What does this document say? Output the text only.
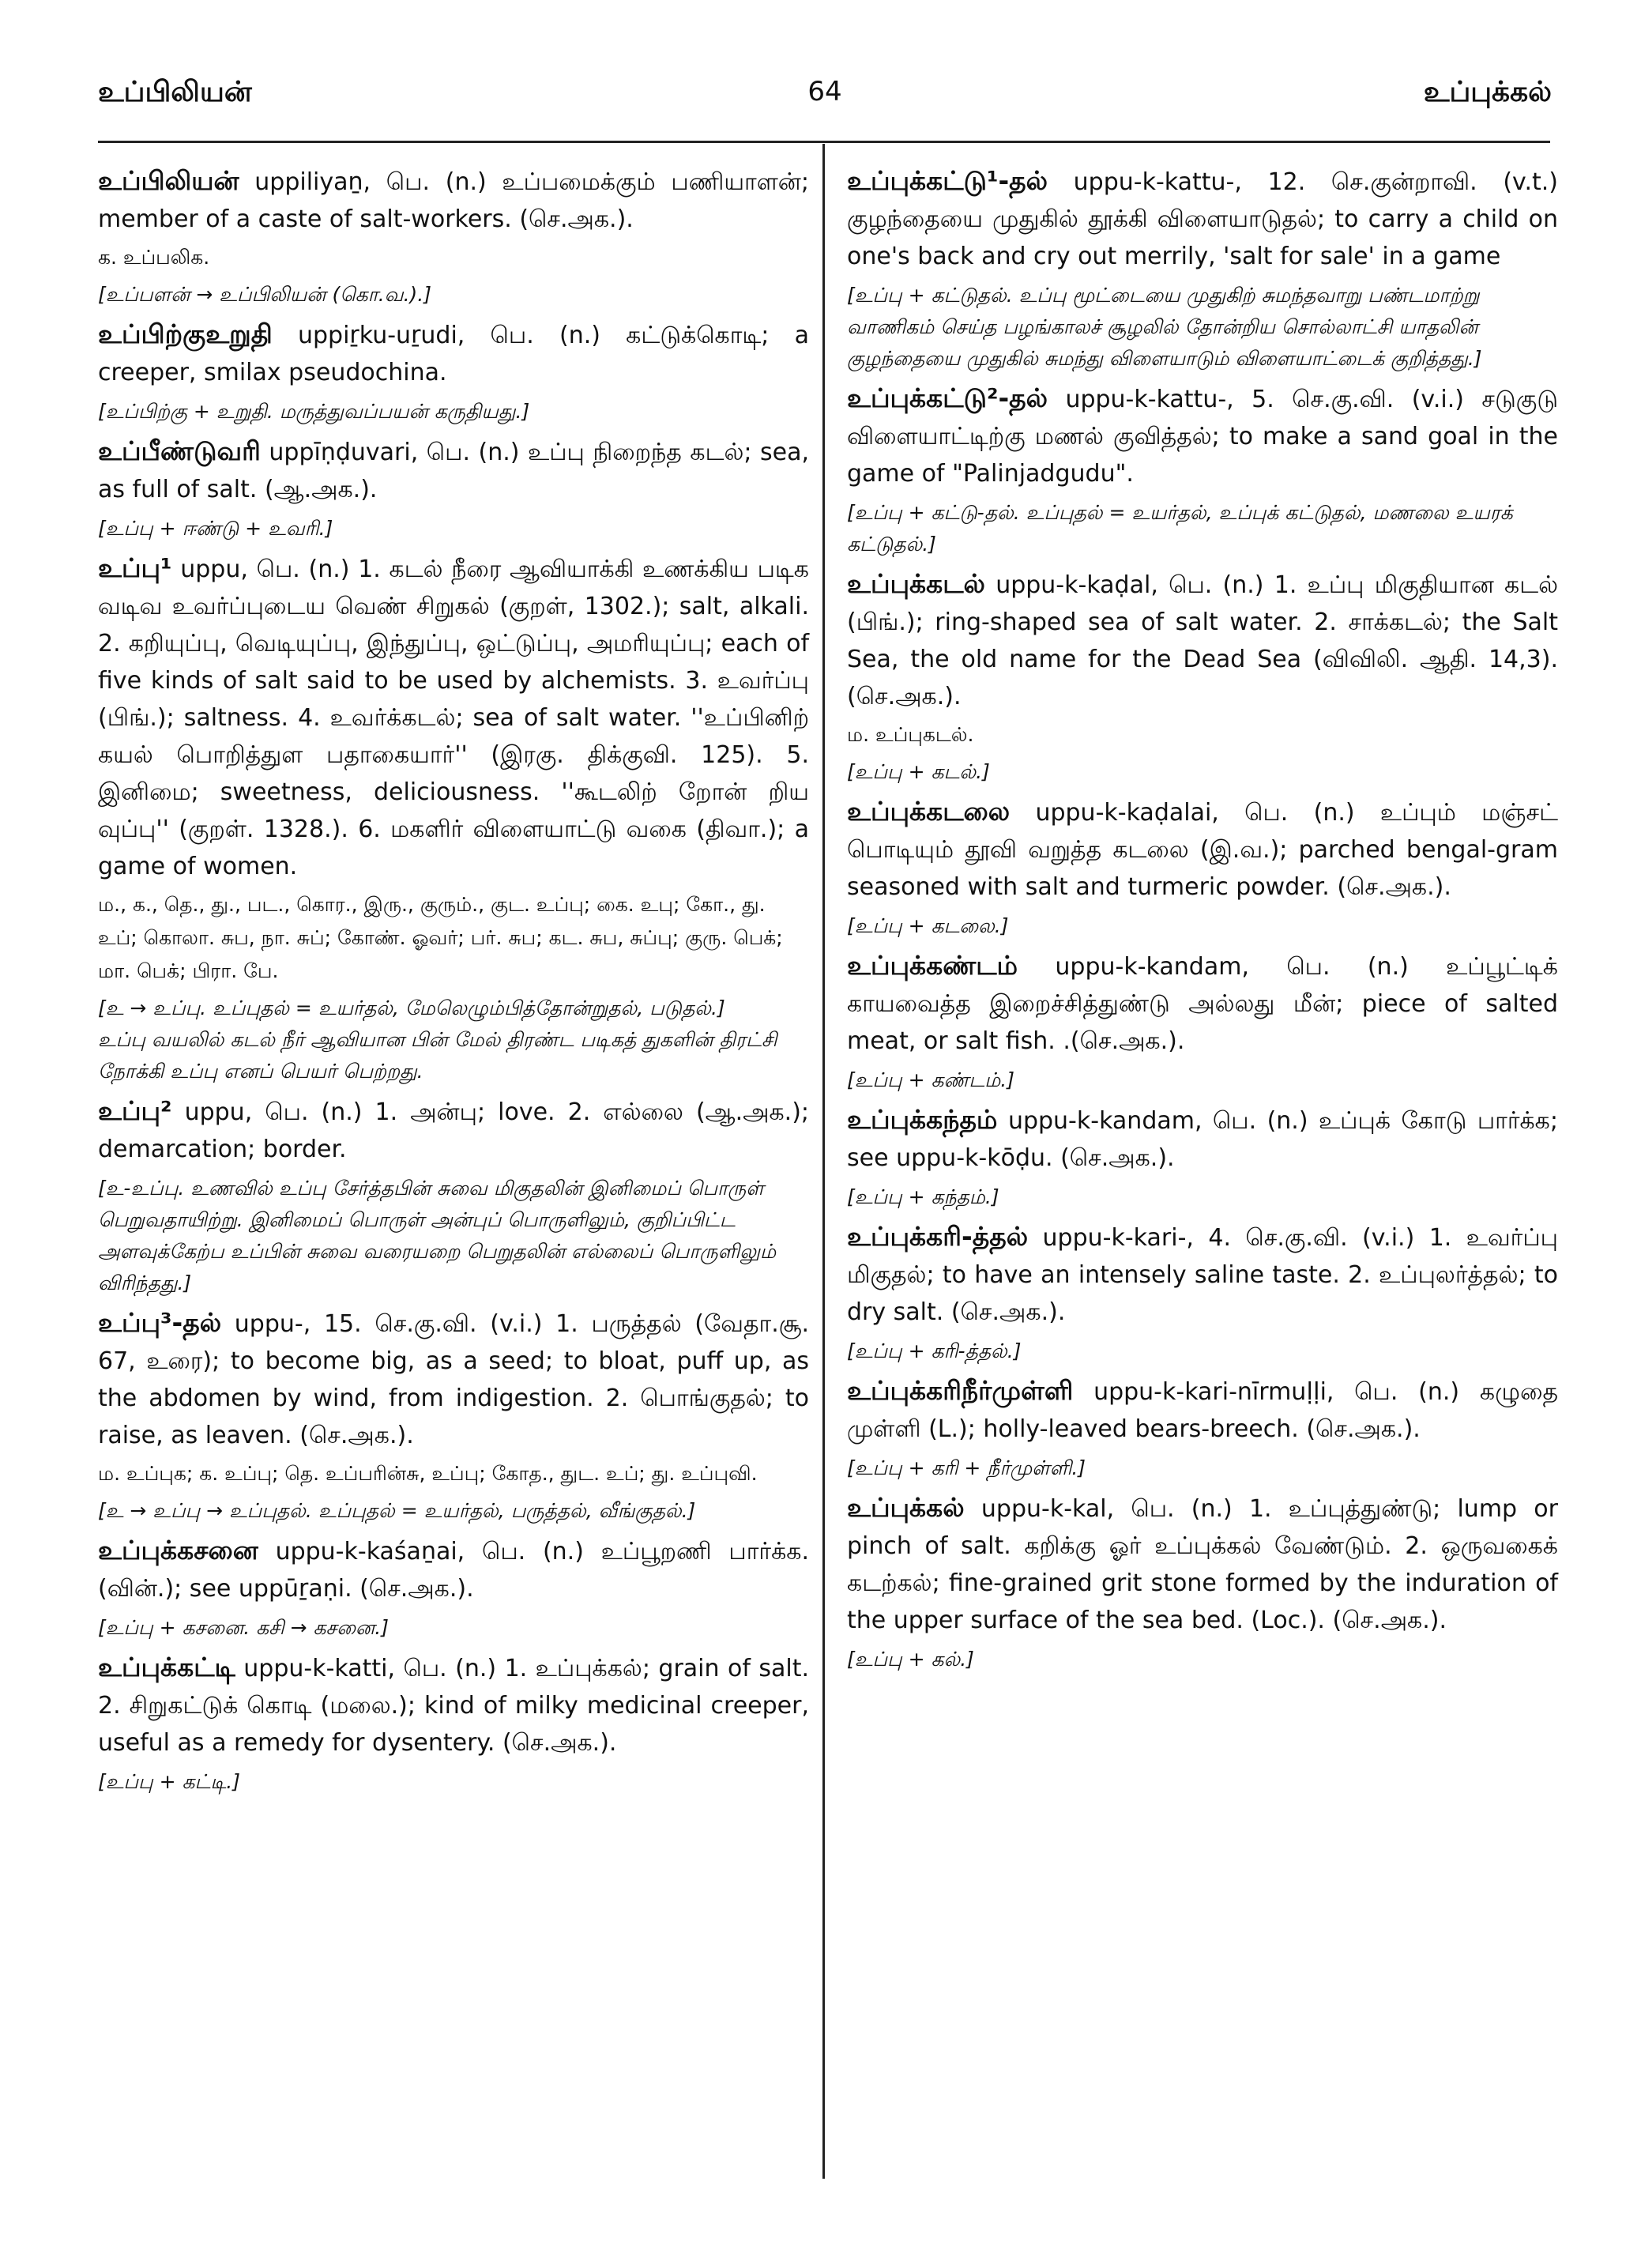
உப்பிலியன்	64	உப்புக்கல்

உப்பிலியன் uppiliyaṉ, பெ. (n.) உப்பமைக்கும் பணியாளன்; member of a caste of salt-workers. (செ.அக.).

க. உப்பலிக.

[உப்பளன் → உப்பிலியன் (கொ.வ.).]

உப்பிற்குஉறுதி uppiṟku-uṟudi, பெ. (n.) கட்டுக்கொடி; a creeper, smilax pseudochina.

[உப்பிற்கு + உறுதி. மருத்துவப்பயன் கருதியது.]

உப்பீண்டுவரி uppīṇḍuvari, பெ. (n.) உப்பு நிறைந்த கடல்; sea, as full of salt. (ஆ.அக.).

[உப்பு + ஈண்டு + உவரி.]

உப்பு¹ uppu, பெ. (n.) 1. கடல் நீரை ஆவியாக்கி உணக்கிய படிக வடிவ உவர்ப்புடைய வெண் சிறுகல் (குறள், 1302.); salt, alkali. 2. கறியுப்பு, வெடியுப்பு, இந்துப்பு, ஒட்டுப்பு, அமரியுப்பு; each of five kinds of salt said to be used by alchemists. 3. உவர்ப்பு (பிங்.); saltness. 4. உவர்க்கடல்; sea of salt water. ''உப்பினிற் கயல் பொறித்துள பதாகையார்'' (இரகு. திக்குவி. 125). 5. இனிமை; sweetness, deliciousness. ''கூடலிற் றோன் றிய வுப்பு'' (குறள். 1328.). 6. மகளிர் விளையாட்டு வகை (திவா.); a game of women.

ம., க., தெ., து., பட., கொர., இரு., குரும்., குட. உப்பு; கை. உபு; கோ., து. உப்; கொலா. சுப, நா. சுப்; கோண். ஓவர்; பர். சுப; கட. சுப, சுப்பு; குரு. பெக்; மா. பெக்; பிரா. பே.

[உ → உப்பு. உப்புதல் = உயர்தல், மேலெழும்பித்தோன்றுதல், படுதல்.]

உப்பு வயலில் கடல் நீர் ஆவியான பின் மேல் திரண்ட படிகத் துகளின் திரட்சி நோக்கி உப்பு எனப் பெயர் பெற்றது.

உப்பு² uppu, பெ. (n.) 1. அன்பு; love. 2. எல்லை (ஆ.அக.); demarcation; border.

[உ-உப்பு. உணவில் உப்பு சேர்த்தபின் சுவை மிகுதலின் இனிமைப் பொருள் பெறுவதாயிற்று. இனிமைப் பொருள் அன்புப் பொருளிலும், குறிப்பிட்ட அளவுக்கேற்ப உப்பின் சுவை வரையறை பெறுதலின் எல்லைப் பொருளிலும் விரிந்தது.]

உப்பு³-தல் uppu-, 15. செ.கு.வி. (v.i.) 1. பருத்தல் (வேதா.சூ. 67, உரை); to become big, as a seed; to bloat, puff up, as the abdomen by wind, from indigestion. 2. பொங்குதல்; to raise, as leaven. (செ.அக.).

ம. உப்புக; க. உப்பு; தெ. உப்பரின்சு, உப்பு; கோத., துட. உப்; து. உப்புவி.

[உ → உப்பு → உப்புதல். உப்புதல் = உயர்தல், பருத்தல், வீங்குதல்.]

உப்புக்கசனை uppu-k-kaśaṉai, பெ. (n.) உப்பூறணி பார்க்க. (வின்.); see uppūṟaṇi. (செ.அக.).

[உப்பு + கசனை. கசி → கசனை.]

உப்புக்கட்டி uppu-k-katti, பெ. (n.) 1. உப்புக்கல்; grain of salt. 2. சிறுகட்டுக் கொடி (மலை.); kind of milky medicinal creeper, useful as a remedy for dysentery. (செ.அக.).

[உப்பு + கட்டி.]

உப்புக்கட்டு¹-தல் uppu-k-kattu-, 12. செ.குன்றாவி. (v.t.) குழந்தையை முதுகில் தூக்கி விளையாடுதல்; to carry a child on one's back and cry out merrily, 'salt for sale' in a game

[உப்பு + கட்டுதல். உப்பு மூட்டையை முதுகிற் சுமந்தவாறு பண்டமாற்று வாணிகம் செய்த பழங்காலச் சூழலில் தோன்றிய சொல்லாட்சி யாதலின் குழந்தையை முதுகில் சுமந்து விளையாடும் விளையாட்டைக் குறித்தது.]

உப்புக்கட்டு²-தல் uppu-k-kattu-, 5. செ.கு.வி. (v.i.) சடுகுடு விளையாட்டிற்கு மணல் குவித்தல்; to make a sand goal in the game of "Palinjadgudu".

[உப்பு + கட்டு-தல். உப்புதல் = உயர்தல், உப்புக் கட்டுதல், மணலை உயரக் கட்டுதல்.]

உப்புக்கடல் uppu-k-kaḍal, பெ. (n.) 1. உப்பு மிகுதியான கடல் (பிங்.); ring-shaped sea of salt water. 2. சாக்கடல்; the Salt Sea, the old name for the Dead Sea (விவிலி. ஆதி. 14,3). (செ.அக.).

ம. உப்புகடல்.

[உப்பு + கடல்.]

உப்புக்கடலை uppu-k-kaḍalai, பெ. (n.) உப்பும் மஞ்சட் பொடியும் தூவி வறுத்த கடலை (இ.வ.); parched bengal-gram seasoned with salt and turmeric powder. (செ.அக.).

[உப்பு + கடலை.]

உப்புக்கண்டம் uppu-k-kandam, பெ. (n.) உப்பூட்டிக் காயவைத்த இறைச்சித்துண்டு அல்லது மீன்; piece of salted meat, or salt fish. .(செ.அக.).

[உப்பு + கண்டம்.]

உப்புக்கந்தம் uppu-k-kandam, பெ. (n.) உப்புக் கோடு பார்க்க; see uppu-k-kōḍu. (செ.அக.).

[உப்பு + கந்தம்.]

உப்புக்கரி-த்தல் uppu-k-kari-, 4. செ.கு.வி. (v.i.) 1. உவர்ப்பு மிகுதல்; to have an intensely saline taste. 2. உப்புலர்த்தல்; to dry salt. (செ.அக.).

[உப்பு + கரி-த்தல்.]

உப்புக்கரிநீர்முள்ளி uppu-k-kari-nīrmuḷḷi, பெ. (n.) கழுதை முள்ளி (L.); holly-leaved bears-breech. (செ.அக.).

[உப்பு + கரி + நீர்முள்ளி.]

உப்புக்கல் uppu-k-kal, பெ. (n.) 1. உப்புத்துண்டு; lump or pinch of salt. கறிக்கு ஓர் உப்புக்கல் வேண்டும். 2. ஒருவகைக் கடற்கல்; fine-grained grit stone formed by the induration of the upper surface of the sea bed. (Loc.). (செ.அக.).

[உப்பு + கல்.]
